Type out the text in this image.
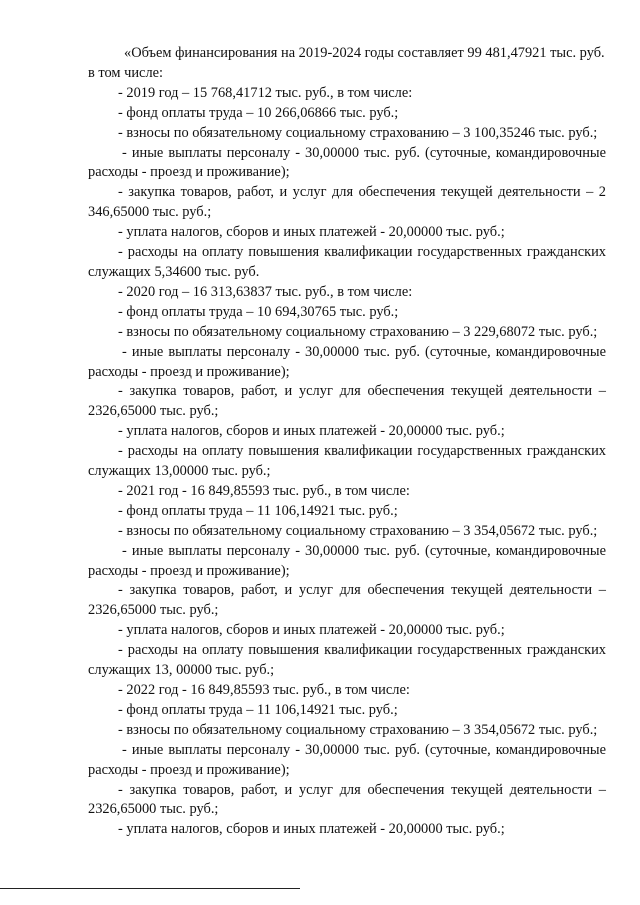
«Объем финансирования на 2019-2024 годы составляет 99 481,47921 тыс. руб.

в том числе:

- 2019 год – 15 768,41712 тыс. руб., в том числе:

- фонд оплаты труда – 10 266,06866 тыс. руб.;

- взносы по обязательному социальному страхованию – 3 100,35246 тыс. руб.;

- иные выплаты персоналу - 30,00000 тыс. руб. (суточные, командировочные расходы - проезд и проживание);

- закупка товаров, работ, и услуг для обеспечения текущей деятельности – 2 346,65000 тыс. руб.;

- уплата налогов, сборов и иных платежей - 20,00000 тыс. руб.;

- расходы на оплату повышения квалификации государственных гражданских служащих 5,34600 тыс. руб.

- 2020 год – 16 313,63837 тыс. руб., в том числе:

- фонд оплаты труда – 10 694,30765 тыс. руб.;

- взносы по обязательному социальному страхованию – 3 229,68072 тыс. руб.;

- иные выплаты персоналу - 30,00000 тыс. руб. (суточные, командировочные расходы - проезд и проживание);

- закупка товаров, работ, и услуг для обеспечения текущей деятельности – 2326,65000 тыс. руб.;

- уплата налогов, сборов и иных платежей - 20,00000 тыс. руб.;

- расходы на оплату повышения квалификации государственных гражданских служащих 13,00000 тыс. руб.;

- 2021 год - 16 849,85593 тыс. руб., в том числе:

- фонд оплаты труда – 11 106,14921 тыс. руб.;

- взносы по обязательному социальному страхованию – 3 354,05672 тыс. руб.;

- иные выплаты персоналу - 30,00000 тыс. руб. (суточные, командировочные расходы - проезд и проживание);

- закупка товаров, работ, и услуг для обеспечения текущей деятельности – 2326,65000 тыс. руб.;

- уплата налогов, сборов и иных платежей - 20,00000 тыс. руб.;

- расходы на оплату повышения квалификации государственных гражданских служащих 13, 00000 тыс. руб.;

- 2022 год - 16 849,85593 тыс. руб., в том числе:

- фонд оплаты труда – 11 106,14921 тыс. руб.;

- взносы по обязательному социальному страхованию – 3 354,05672 тыс. руб.;

- иные выплаты персоналу - 30,00000 тыс. руб. (суточные, командировочные расходы - проезд и проживание);

- закупка товаров, работ, и услуг для обеспечения текущей деятельности – 2326,65000 тыс. руб.;

- уплата налогов, сборов и иных платежей - 20,00000 тыс. руб.;
